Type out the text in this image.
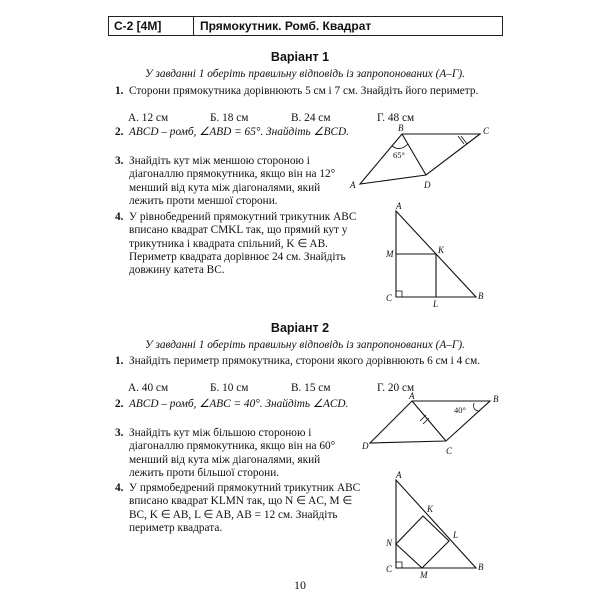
С-2 [4М]	Прямокутник. Ромб. Квадрат
Варіант 1
У завданні 1 оберіть правильну відповідь із запропонованих (А–Г).
1. Сторони прямокутника дорівнюють 5 см і 7 см. Знайдіть його периметр.
А. 12 см	Б. 18 см	В. 24 см	Г. 48 см
2. ABCD – ромб, ∠ABD = 65°. Знайдіть ∠BCD.
3. Знайдіть кут між меншою стороною і діагоналлю прямокутника, якщо він на 12° менший від кута між діагоналями, який лежить проти меншої сторони.
4. У рівнобедрений прямокутний трикутник ABC вписано квадрат CMKL так, що прямий кут у трикутника і квадрата спільний, K ∈ AB. Периметр квадрата дорівнює 24 см. Знайдіть довжину катета BC.
A
B	C
D
65°
A
B
C
M	K
L
Варіант 2
У завданні 1 оберіть правильну відповідь із запропонованих (А–Г).
1. Знайдіть периметр прямокутника, сторони якого дорівнюють 6 см і 4 см.
А. 40 см	Б. 10 см	В. 15 см	Г. 20 см
2. ABCD – ромб, ∠ABC = 40°. Знайдіть ∠ACD.
3. Знайдіть кут між більшою стороною і діагоналлю прямокутника, якщо він на 60° менший від кута між діагоналями, який лежить проти більшої сторони.
4. У прямобедрений прямокутний трикутник ABC вписано квадрат KLMN так, що N ∈ AC, M ∈ BC, K ∈ AB, L ∈ AB, AB = 12 см. Знайдіть периметр квадрата.
A	B
C
D
40°
A
B
C
K
L
M
N
10
